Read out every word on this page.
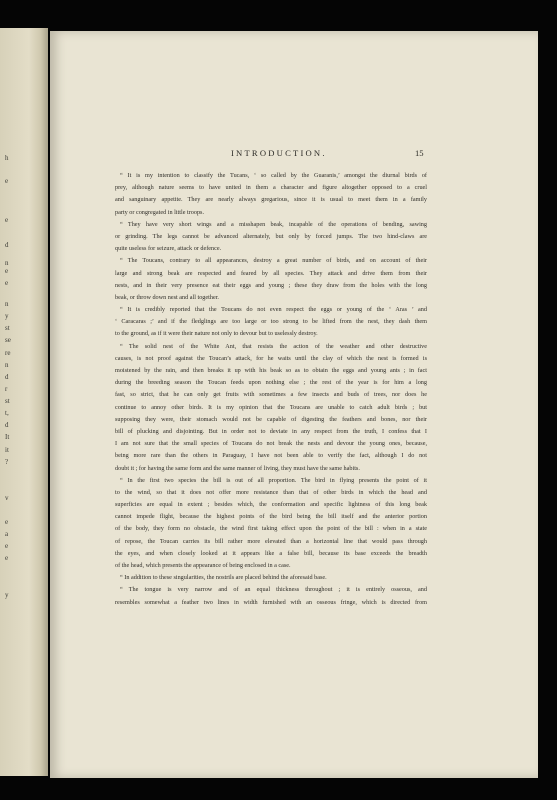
h
e
e
d
n
e
e
n
y
st
se
re
n
d
r
st
t,
d
It
it
?
v
e
a
e
e
y
INTRODUCTION.	15
“ It is my intention to classify the Tucans, ‘ so called by the Guaranis,’ amongst the diurnal birds of
prey, although nature seems to have united in them a character and figure altogether opposed to a cruel
and sanguinary appetite. They are nearly always gregarious, since it is usual to meet them in a family
party or congregated in little troops.
“ They have very short wings and a misshapen beak, incapable of the operations of bending, sawing
or grinding. The legs cannot be advanced alternately, but only by forced jumps. The two hind-claws are
quite useless for seizure, attack or defence.
“ The Toucans, contrary to all appearances, destroy a great number of birds, and on account of their
large and strong beak are respected and feared by all species. They attack and drive them from their
nests, and in their very presence eat their eggs and young ; these they draw from the holes with the long
beak, or throw down nest and all together.
“ It is credibly reported that the Toucans do not even respect the eggs or young of the ‘ Aras ’ and
‘ Caracaras ;’ and if the fledglings are too large or too strong to be lifted from the nest, they dash them
to the ground, as if it were their nature not only to devour but to uselessly destroy.
“ The solid nest of the White Ant, that resists the action of the weather and other destructive
causes, is not proof against the Toucan’s attack, for he waits until the clay of which the nest is formed is
moistened by the rain, and then breaks it up with his beak so as to obtain the eggs and young ants ; in fact
during the breeding season the Toucan feeds upon nothing else ; the rest of the year is for him a long
fast, so strict, that he can only get fruits with sometimes a few insects and buds of trees, nor does he
continue to annoy other birds. It is my opinion that the Toucans are unable to catch adult birds ; but
supposing they were, their stomach would not be capable of digesting the feathers and bones, nor their
bill of plucking and disjointing. But in order not to deviate in any respect from the truth, I confess that I
I am not sure that the small species of Toucans do not break the nests and devour the young ones, because,
being more rare than the others in Paraguay, I have not been able to verify the fact, although I do not
doubt it ; for having the same form and the same manner of living, they must have the same habits.
“ In the first two species the bill is out of all proportion. The bird in flying presents the point of it
to the wind, so that it does not offer more resistance than that of other birds in which the head and
superficies are equal in extent ; besides which, the conformation and specific lightness of this long beak
cannot impede flight, because the highest points of the bird being the bill itself and the anterior portion
of the body, they form no obstacle, the wind first taking effect upon the point of the bill : when in a state
of repose, the Toucan carries its bill rather more elevated than a horizontal line that would pass through
the eyes, and when closely looked at it appears like a false bill, because its base exceeds the breadth
of the head, which presents the appearance of being enclosed in a case.
“ In addition to these singularities, the nostrils are placed behind the aforesaid base.
“ The tongue is very narrow and of an equal thickness throughout ; it is entirely osseous, and
resembles somewhat a feather two lines in width furnished with an osseous fringe, which is directed from
